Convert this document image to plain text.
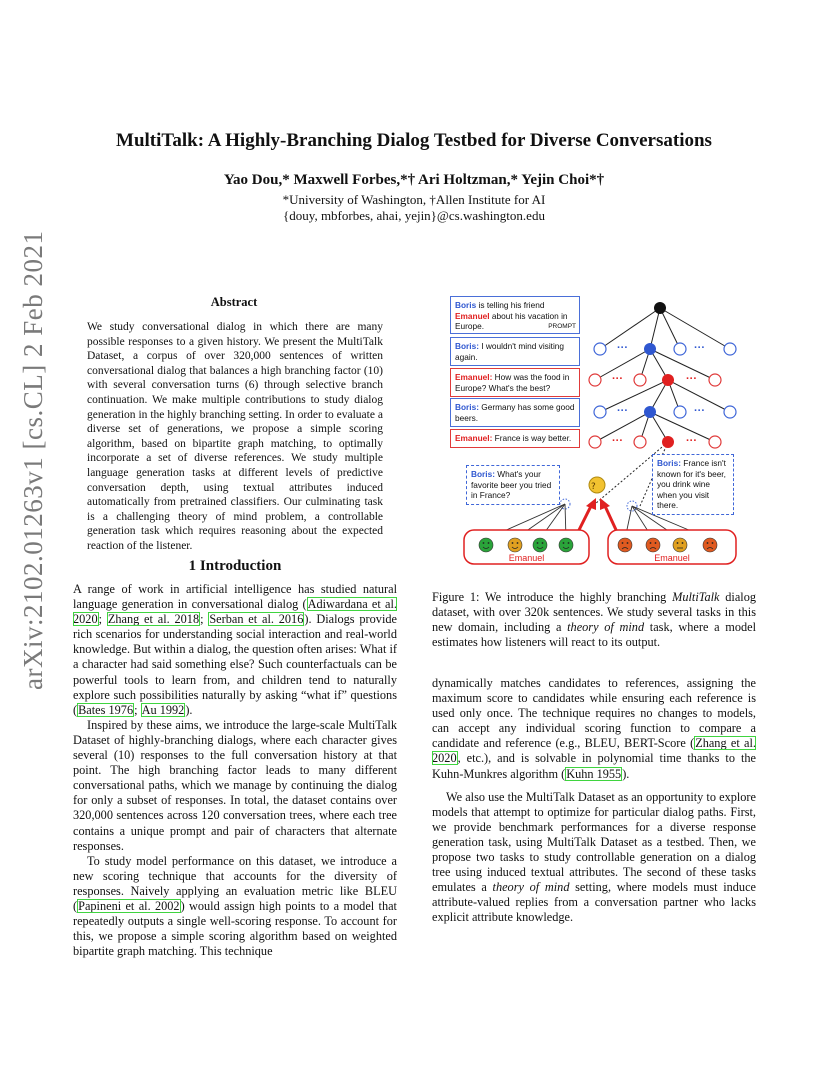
arXiv:2102.01263v1 [cs.CL] 2 Feb 2021
MultiTalk: A Highly-Branching Dialog Testbed for Diverse Conversations
Yao Dou,* Maxwell Forbes,*† Ari Holtzman,* Yejin Choi*†
*University of Washington, †Allen Institute for AI
{douy, mbforbes, ahai, yejin}@cs.washington.edu
Abstract
We study conversational dialog in which there are many possible responses to a given history. We present the MultiTalk Dataset, a corpus of over 320,000 sentences of written conversational dialog that balances a high branching factor (10) with several conversation turns (6) through selective branch continuation. We make multiple contributions to study dialog generation in the highly branching setting. In order to evaluate a diverse set of generations, we propose a simple scoring algorithm, based on bipartite graph matching, to optimally incorporate a set of diverse references. We study multiple language generation tasks at different levels of predictive conversation depth, using textual attributes induced automatically from pretrained classifiers. Our culminating task is a challenging theory of mind problem, a controllable generation task which requires reasoning about the expected reaction of the listener.
1 Introduction

A range of work in artificial intelligence has studied natural language generation in conversational dialog (Adiwardana et al. 2020; Zhang et al. 2018; Serban et al. 2016). Dialogs provide rich scenarios for understanding social interaction and real-world knowledge. But within a dialog, the question often arises: What if a character had said something else? Such counterfactuals can be powerful tools to learn from, and children tend to naturally explore such possibilities naturally by asking “what if” questions (Bates 1976; Au 1992).

Inspired by these aims, we introduce the large-scale MultiTalk Dataset of highly-branching dialogs, where each character gives several (10) responses to the full conversation history at that point. The high branching factor leads to many different conversational paths, which we manage by continuing the dialog for only a subset of responses. In total, the dataset contains over 320,000 sentences across 120 conversation trees, where each tree contains a unique prompt and pair of characters that alternate responses.

To study model performance on this dataset, we introduce a new scoring technique that accounts for the diversity of responses. Naively applying an evaluation metric like BLEU (Papineni et al. 2002) would assign high points to a model that repeatedly outputs a single well-scoring response. To account for this, we propose a simple scoring algorithm based on weighted bipartite graph matching. This technique

···	···
···	···
···	···
···	···
?
Boris is telling his friend Emanuel about his vacation in Europe.	PROMPT
Boris: I wouldn't mind visiting again.
Emanuel: How was the food in Europe? What's the best?
Boris: Germany has some good beers.
Emanuel: France is way better.
Boris: What's your favorite beer you tried in France?
Boris: France isn't known for it's beer, you drink wine when you visit there.
Emanuel	Emanuel
Figure 1: We introduce the highly branching MultiTalk dialog dataset, with over 320k sentences. We study several tasks in this new domain, including a theory of mind task, where a model estimates how listeners will react to its output.

dynamically matches candidates to references, assigning the maximum score to candidates while ensuring each reference is used only once. The technique requires no changes to models, can accept any individual scoring function to compare a candidate and reference (e.g., BLEU, BERT-Score (Zhang et al. 2020, etc.), and is solvable in polynomial time thanks to the Kuhn-Munkres algorithm (Kuhn 1955).

We also use the MultiTalk Dataset as an opportunity to explore models that attempt to optimize for particular dialog paths. First, we provide benchmark performances for a diverse response generation task, using MultiTalk Dataset as a testbed. Then, we propose two tasks to study controllable generation on a dialog tree using induced textual attributes. The second of these tasks emulates a theory of mind setting, where models must induce attribute-valued replies from a conversation partner who lacks explicit attribute knowledge.
